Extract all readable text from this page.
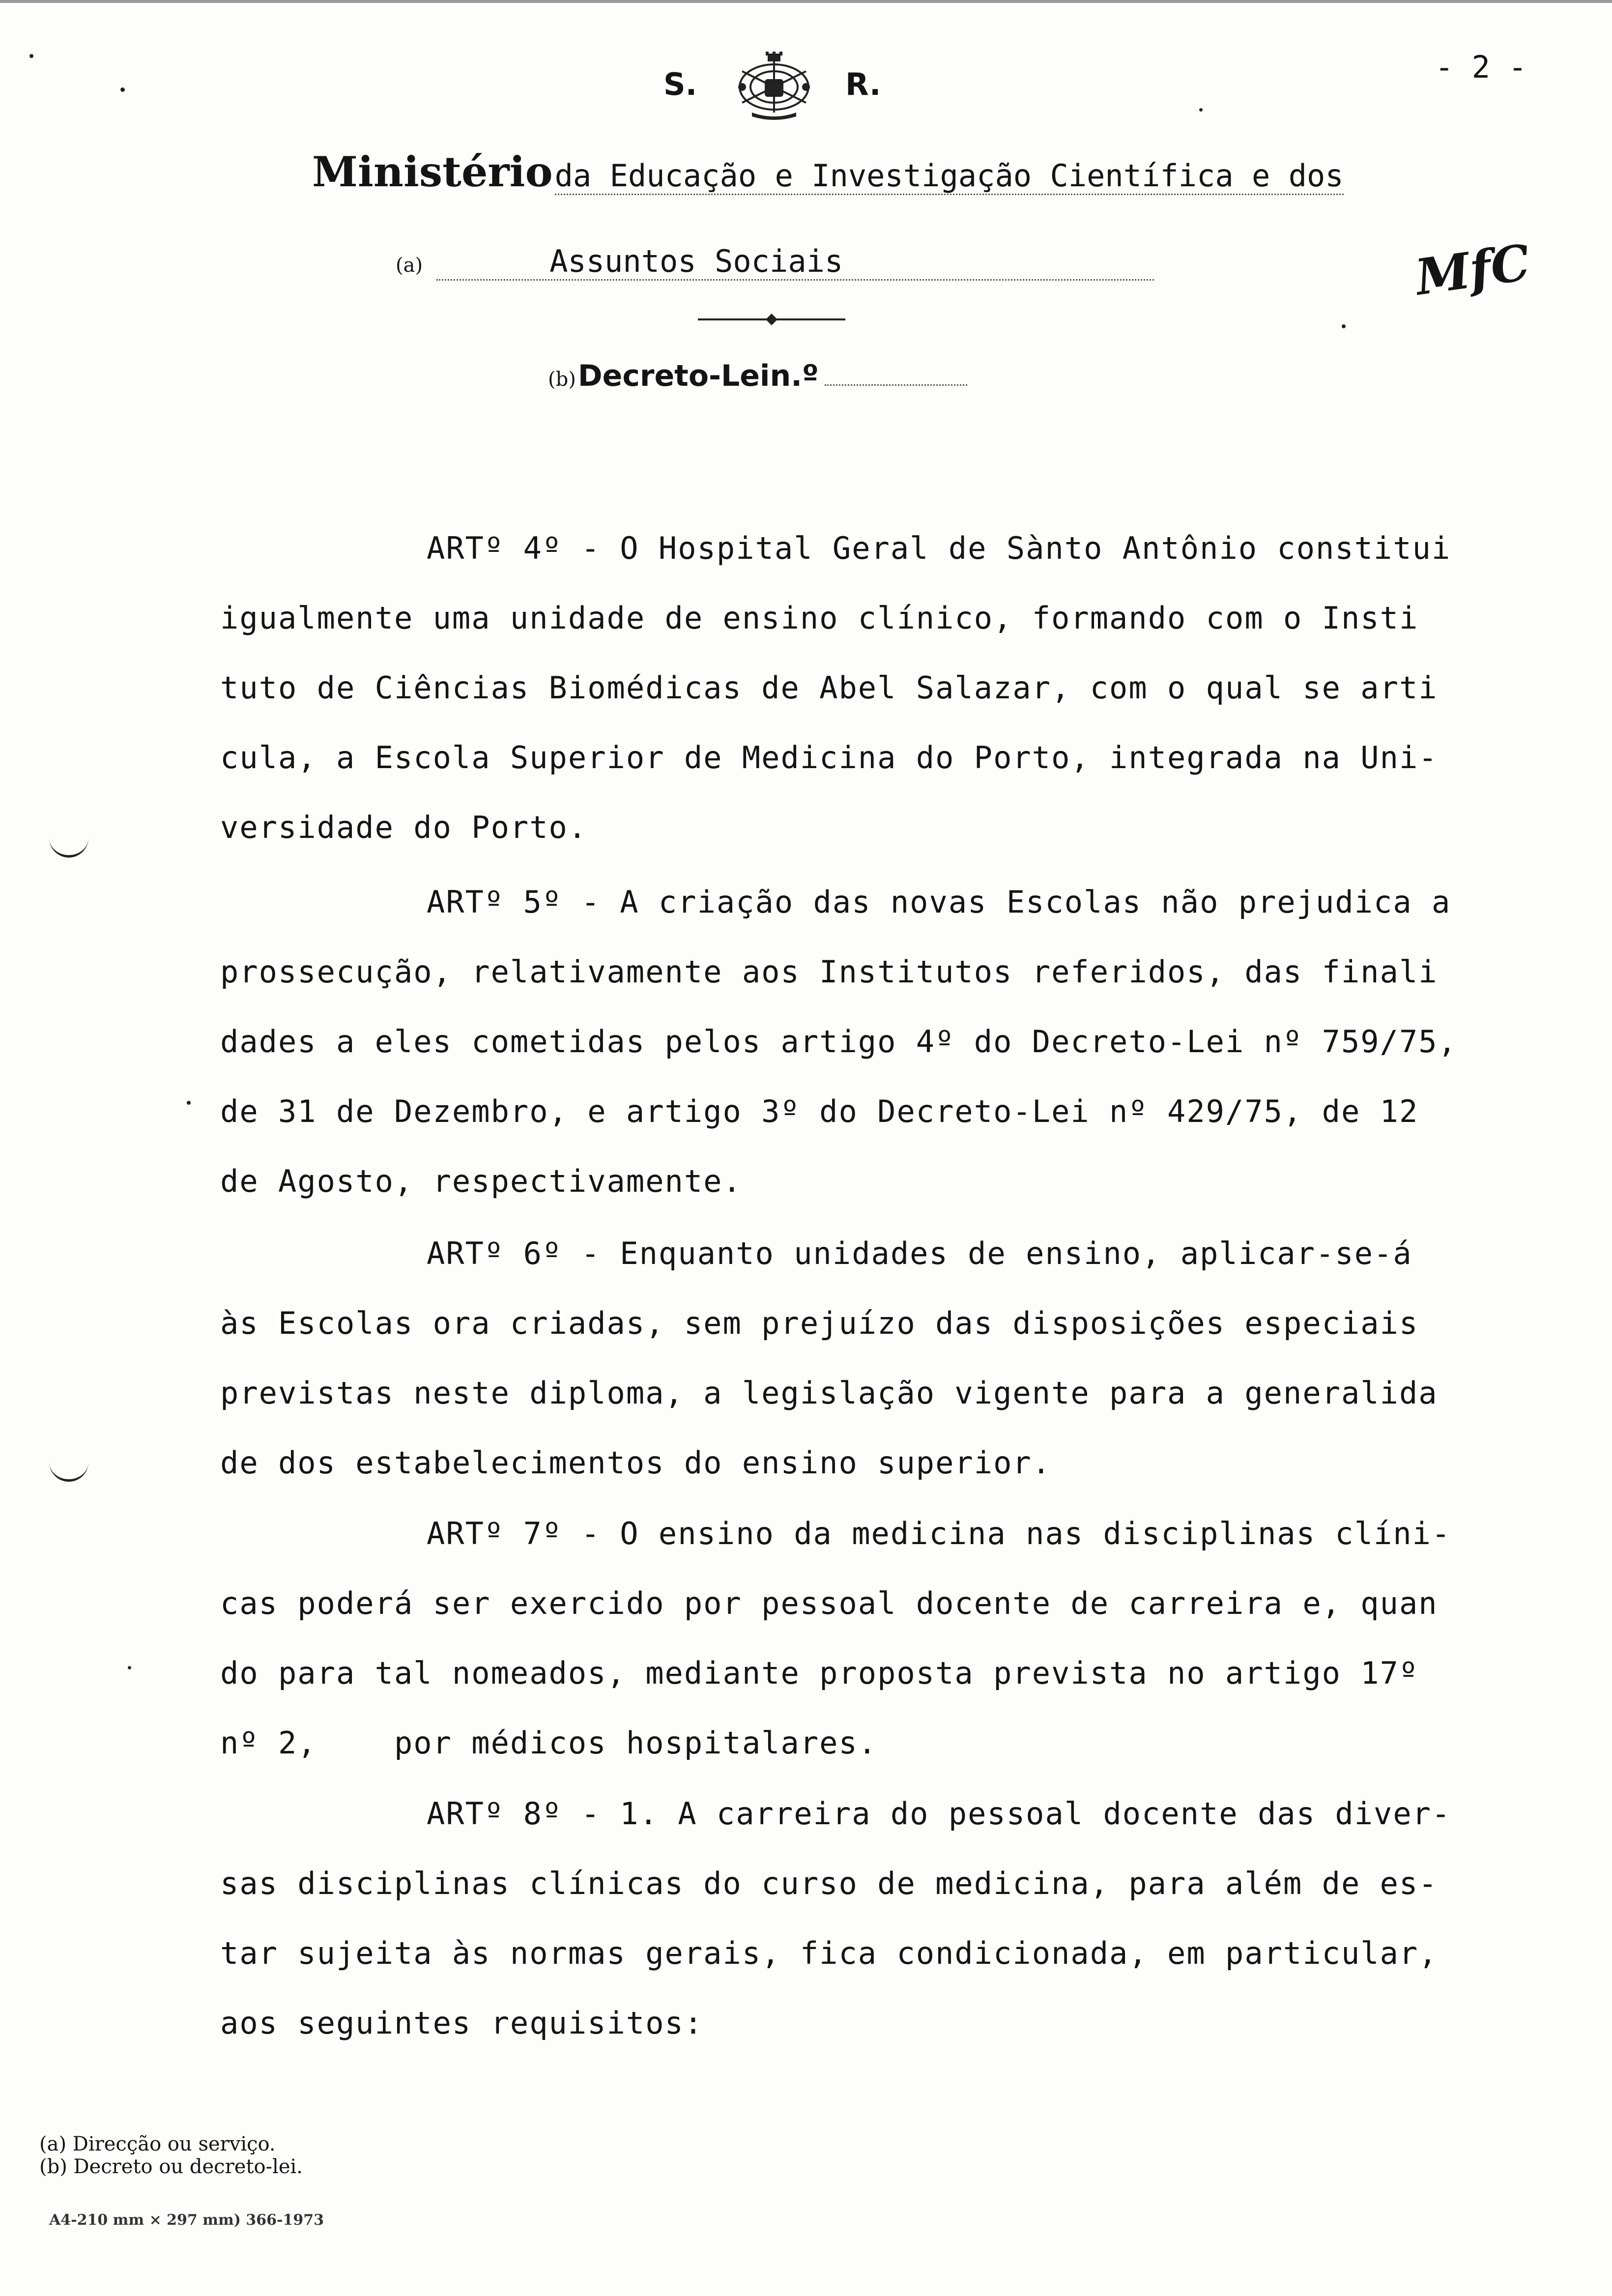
S.	R.	- 2 -
Ministério da Educação e Investigação Científica e dos
(a)	Assuntos Sociais
(b) Decreto-Lein.º
MfC

ARTº 4º - O Hospital Geral de Sànto Antônio constitui

igualmente uma unidade de ensino clínico, formando com o Insti

tuto de Ciências Biomédicas de Abel Salazar, com o qual se arti

cula, a Escola Superior de Medicina do Porto, integrada na Uni-

versidade do Porto.

ARTº 5º - A criação das novas Escolas não prejudica a

prossecução, relativamente aos Institutos referidos, das finali

dades a eles cometidas pelos artigo 4º do Decreto-Lei nº 759/75,

de 31 de Dezembro, e artigo 3º do Decreto-Lei nº 429/75, de 12

de Agosto, respectivamente.

ARTº 6º - Enquanto unidades de ensino, aplicar-se-á

às Escolas ora criadas, sem prejuízo das disposições especiais

previstas neste diploma, a legislação vigente para a generalida

de dos estabelecimentos do ensino superior.

ARTº 7º - O ensino da medicina nas disciplinas clíni-

cas poderá ser exercido por pessoal docente de carreira e, quan

do para tal nomeados, mediante proposta prevista no artigo 17º

nº 2,    por médicos hospitalares.

ARTº 8º - 1. A carreira do pessoal docente das diver-

sas disciplinas clínicas do curso de medicina, para além de es-

tar sujeita às normas gerais, fica condicionada, em particular,

aos seguintes requisitos:

(a) Direcção ou serviço.
(b) Decreto ou decreto-lei.
A4-210 mm × 297 mm) 366-1973
